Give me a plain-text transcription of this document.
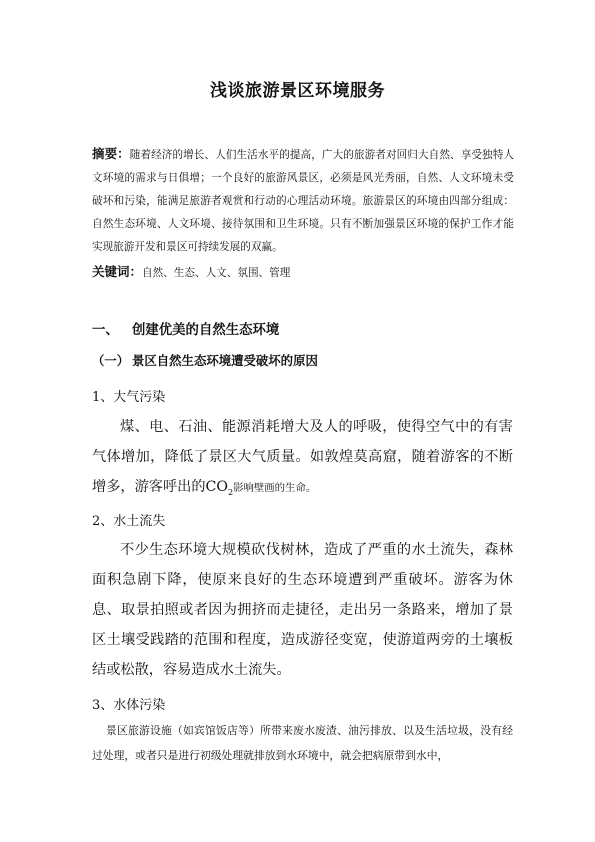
浅谈旅游景区环境服务

摘要：随着经济的增长、人们生活水平的提高，广大的旅游者对回归大自然、享受独特人文环境的需求与日俱增；一个良好的旅游风景区，必须是风光秀丽，自然、人文环境未受破坏和污染，能满足旅游者观赏和行动的心理活动环境。旅游景区的环境由四部分组成：自然生态环境、人文环境、接待氛围和卫生环境。只有不断加强景区环境的保护工作才能实现旅游开发和景区可持续发展的双赢。

关键词：自然、生态、人文、氛围、管理

一、 创建优美的自然生态环境
（一） 景区自然生态环境遭受破坏的原因
1、大气污染

煤、电、石油、能源消耗增大及人的呼吸，使得空气中的有害气体增加，降低了景区大气质量。如敦煌莫高窟，随着游客的不断增多，游客呼出的$CO_2$影响壁画的生命。

2、水土流失

不少生态环境大规模砍伐树林，造成了严重的水土流失，森林面积急剧下降，使原来良好的生态环境遭到严重破坏。游客为休息、取景拍照或者因为拥挤而走捷径，走出另一条路来，增加了景区土壤受践踏的范围和程度，造成游径变宽，使游道两旁的土壤板结或松散，容易造成水土流失。

3、水体污染

景区旅游设施（如宾馆饭店等）所带来废水废渣、油污排放、以及生活垃圾，没有经过处理，或者只是进行初级处理就排放到水环境中，就会把病原带到水中，
